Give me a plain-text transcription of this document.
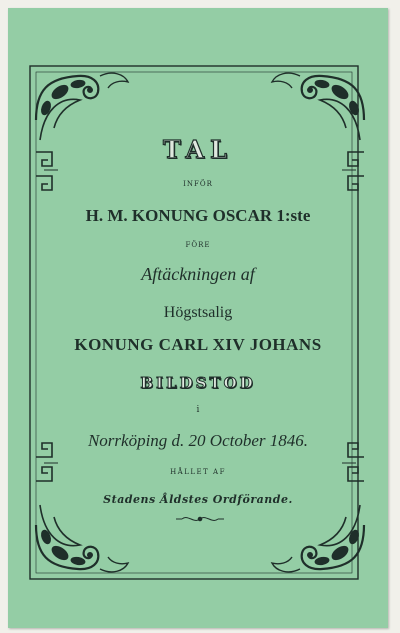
TAL
INFÖR
H. M. KONUNG OSCAR 1:ste
FÖRE
Aftäckningen af
Högstsalig
KONUNG CARL XIV JOHANS
BILDSTOD
i
Norrköping d. 20 October 1846.
HÅLLET AF
Stadens Åldstes Ordförande.
